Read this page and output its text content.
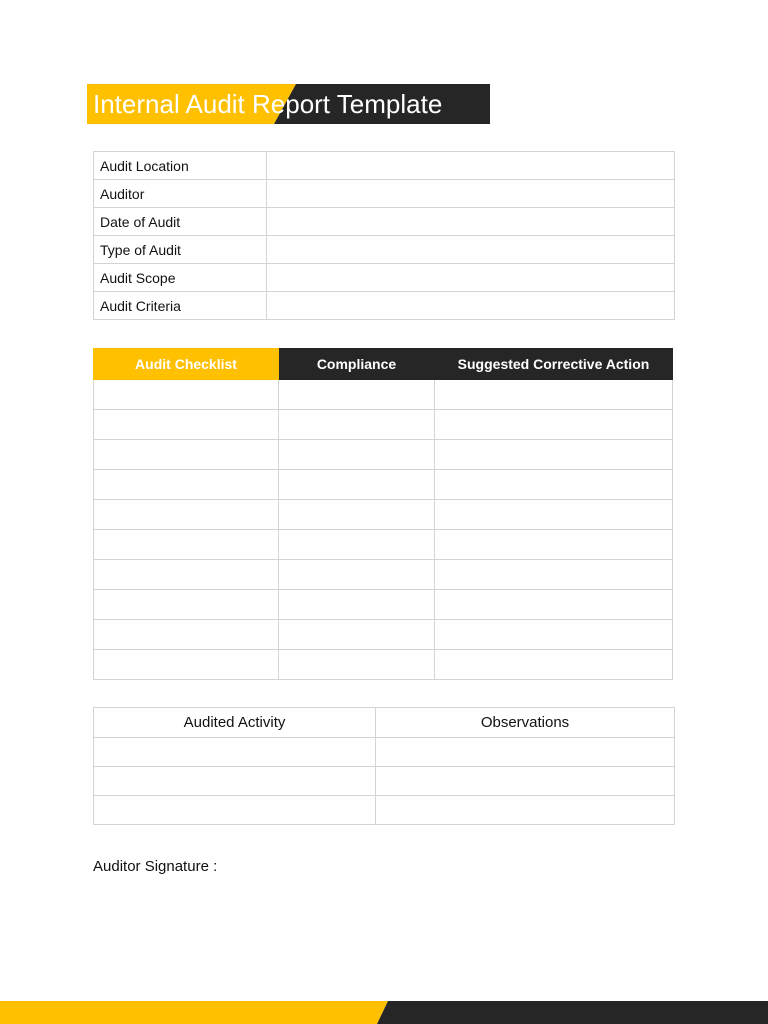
Internal Audit Report Template
Audit Location	
Auditor	
Date of Audit	
Type of Audit	
Audit Scope	
Audit Criteria	
Audit Checklist	Compliance	Suggested Corrective Action

Audited Activity	Observations

Auditor Signature :
